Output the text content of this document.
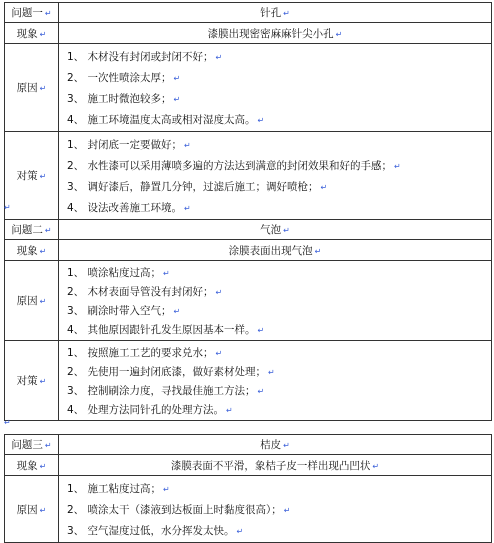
问题一 ↵	针孔 ↵
现象 ↵	漆膜出现密密麻麻针尖小孔 ↵
原因 ↵	1、 木材没有封闭或封闭不好； ↵
2、 一次性喷涂太厚； ↵
3、 施工时微泡较多； ↵
4、 施工环境温度太高或相对湿度太高。 ↵

对策 ↵	1、 封闭底一定要做好； ↵
2、 水性漆可以采用薄喷多遍的方法达到满意的封闭效果和好的手感； ↵
3、 调好漆后，静置几分钟，过滤后施工；调好喷枪； ↵
4、 设法改善施工环境。 ↵
↵
问题二 ↵	气泡 ↵
现象 ↵	涂膜表面出现气泡 ↵
原因 ↵	1、 喷涂粘度过高； ↵
2、 木材表面导管没有封闭好； ↵
3、 刷涂时带入空气； ↵
4、 其他原因跟针孔发生原因基本一样。 ↵

对策 ↵	1、 按照施工工艺的要求兑水； ↵
2、 先使用一遍封闭底漆，做好素材处理； ↵
3、 控制刷涂力度，寻找最佳施工方法； ↵
4、 处理方法同针孔的处理方法。 ↵
↵
问题三 ↵	桔皮 ↵
现象 ↵	漆膜表面不平滑，象桔子皮一样出现凸凹状 ↵
原因 ↵	1、 施工粘度过高； ↵
2、 喷涂太干（漆液到达板面上时黏度很高）； ↵
3、 空气湿度过低，水分挥发太快。 ↵
